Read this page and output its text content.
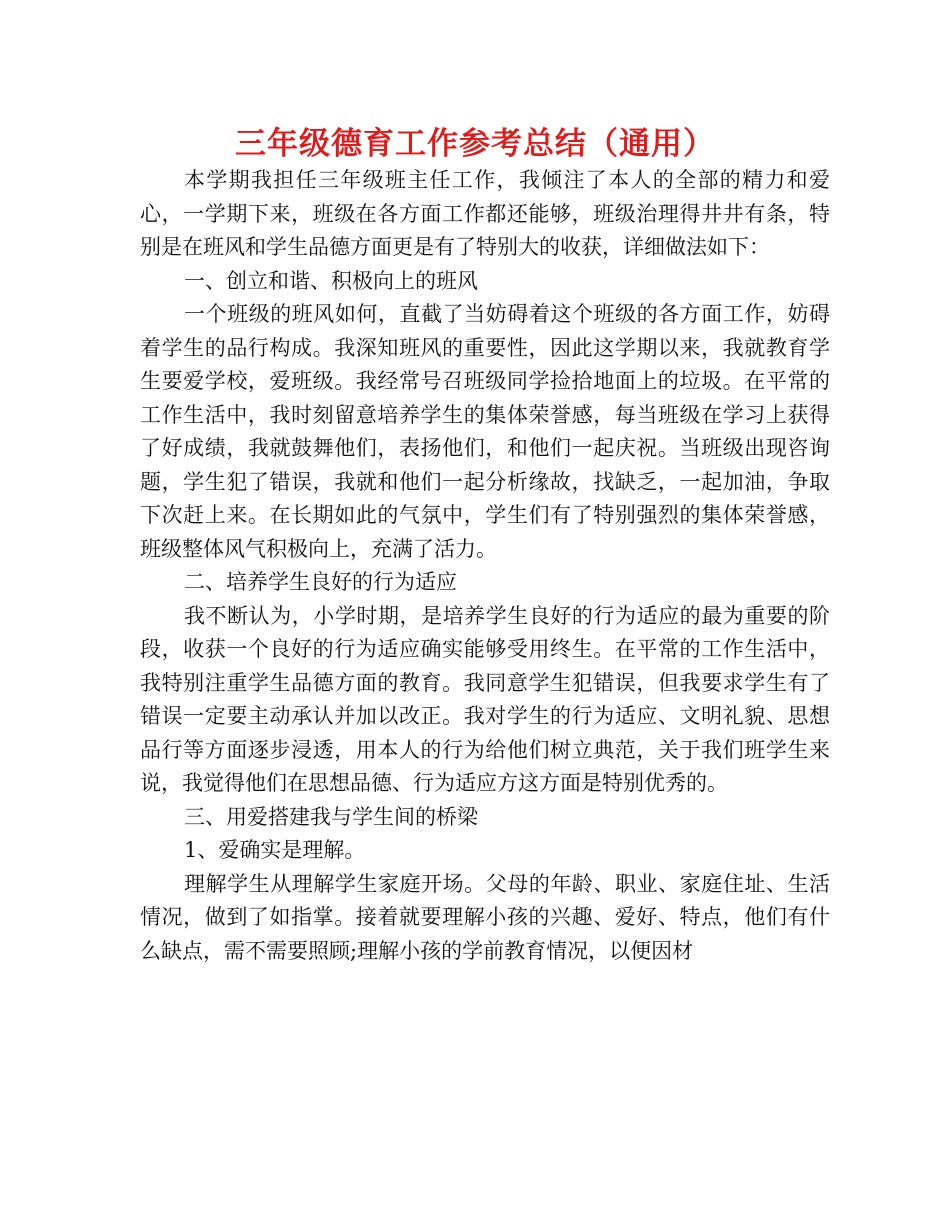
三年级德育工作参考总结（通用）

本学期我担任三年级班主任工作，我倾注了本人的全部的精力和爱心，一学期下来，班级在各方面工作都还能够，班级治理得井井有条，特别是在班风和学生品德方面更是有了特别大的收获，详细做法如下：

一、创立和谐、积极向上的班风

一个班级的班风如何，直截了当妨碍着这个班级的各方面工作，妨碍着学生的品行构成。我深知班风的重要性，因此这学期以来，我就教育学生要爱学校，爱班级。我经常号召班级同学捡拾地面上的垃圾。在平常的工作生活中，我时刻留意培养学生的集体荣誉感，每当班级在学习上获得了好成绩，我就鼓舞他们，表扬他们，和他们一起庆祝。当班级出现咨询题，学生犯了错误，我就和他们一起分析缘故，找缺乏，一起加油，争取下次赶上来。在长期如此的气氛中，学生们有了特别强烈的集体荣誉感，班级整体风气积极向上，充满了活力。

二、培养学生良好的行为适应

我不断认为，小学时期，是培养学生良好的行为适应的最为重要的阶段，收获一个良好的行为适应确实能够受用终生。在平常的工作生活中，我特别注重学生品德方面的教育。我同意学生犯错误，但我要求学生有了错误一定要主动承认并加以改正。我对学生的行为适应、文明礼貌、思想品行等方面逐步浸透，用本人的行为给他们树立典范，关于我们班学生来说，我觉得他们在思想品德、行为适应方这方面是特别优秀的。

三、用爱搭建我与学生间的桥梁

1、爱确实是理解。

理解学生从理解学生家庭开场。父母的年龄、职业、家庭住址、生活情况，做到了如指掌。接着就要理解小孩的兴趣、爱好、特点，他们有什么缺点，需不需要照顾;理解小孩的学前教育情况，以便因材
